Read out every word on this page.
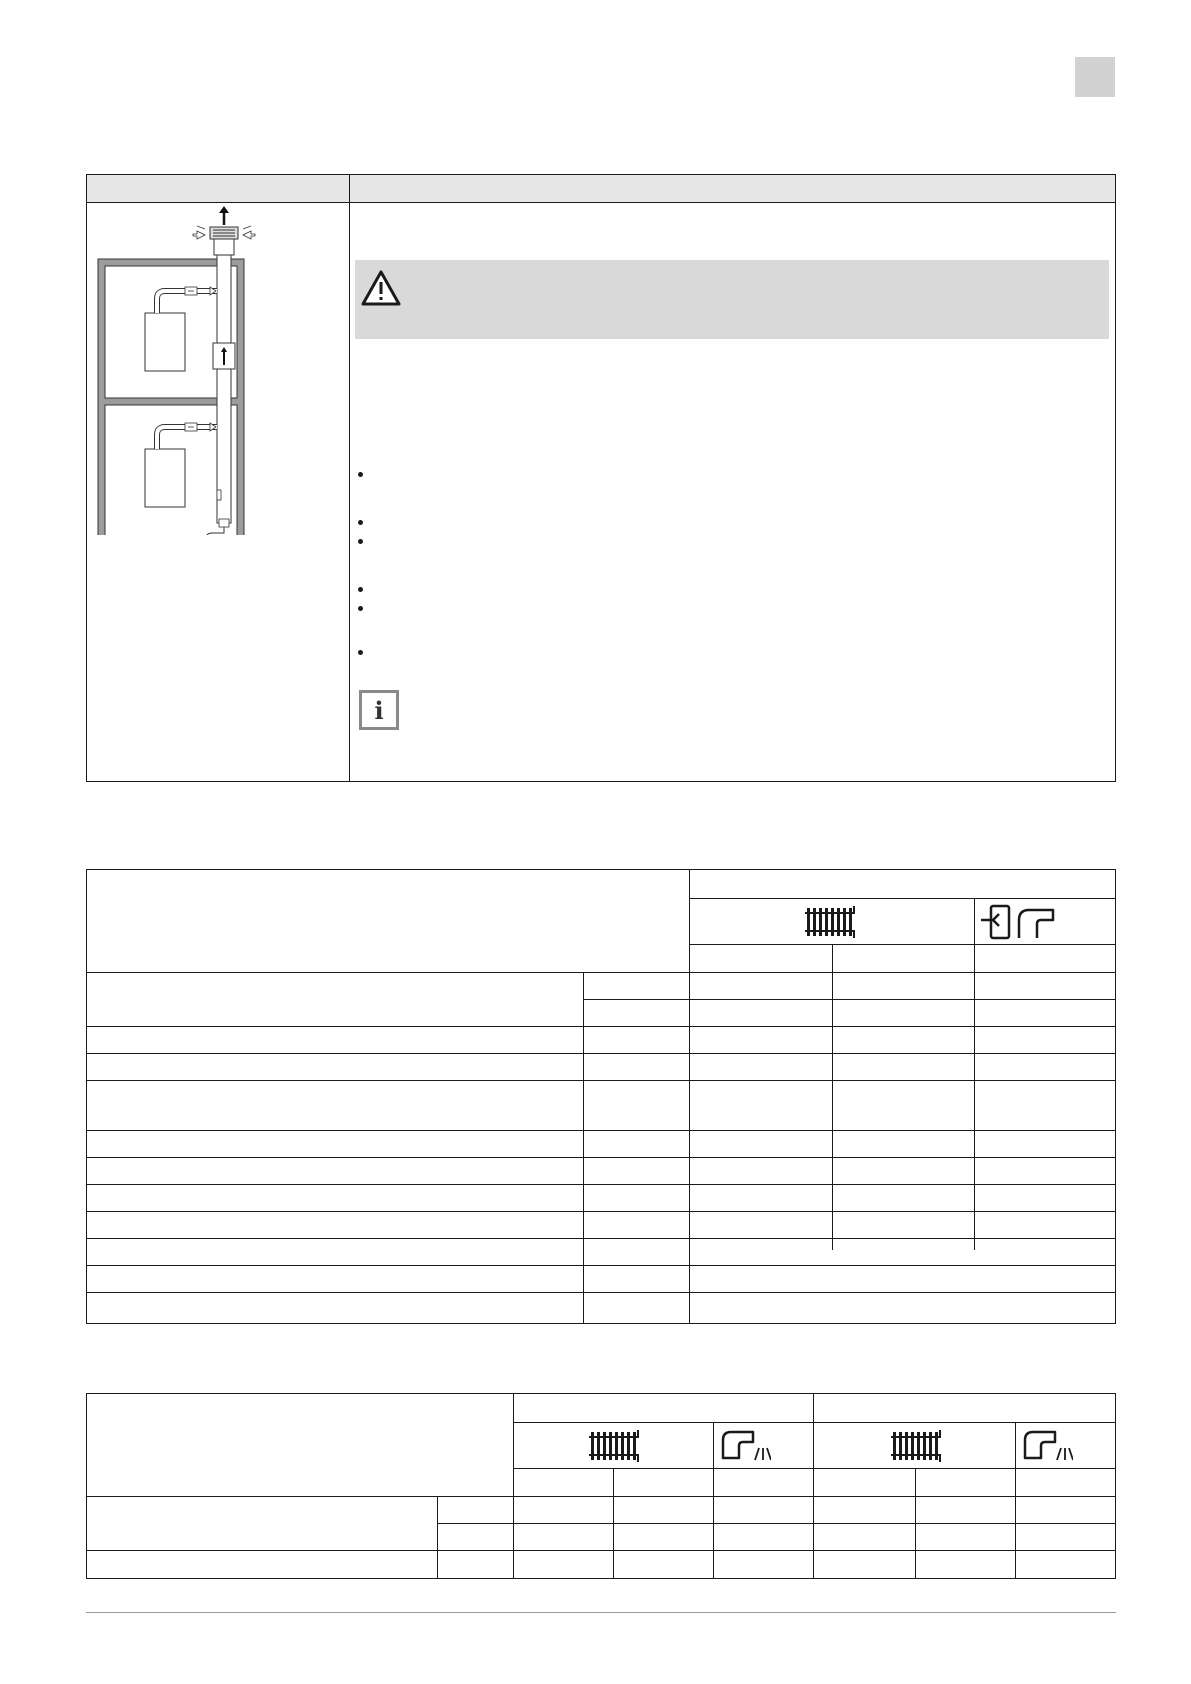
i
